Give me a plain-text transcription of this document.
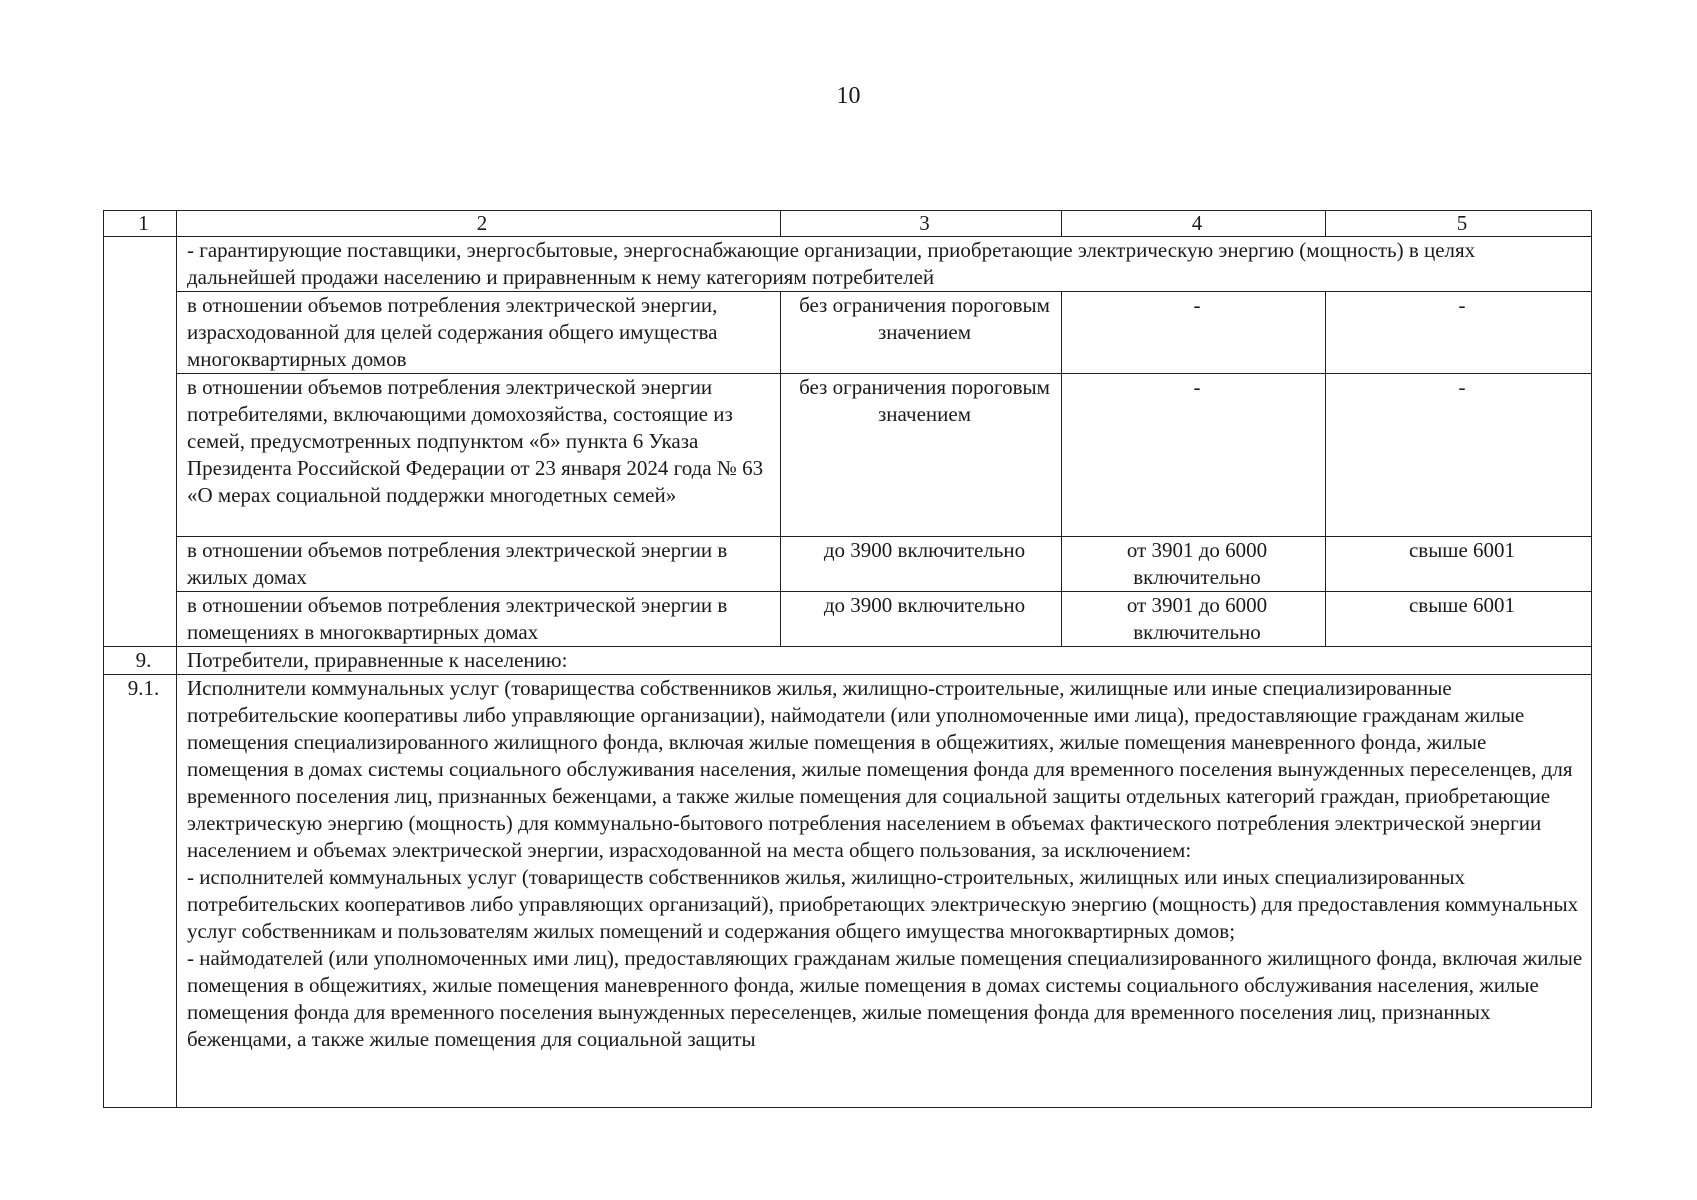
10
1	2	3	4	5
	- гарантирующие поставщики, энергосбытовые, энергоснабжающие организации, приобретающие электрическую энергию (мощность) в целях дальнейшей продажи населению и приравненным к нему категориям потребителей			
	в отношении объемов потребления электрической энергии, израсходованной для целей содержания общего имущества многоквартирных домов	без ограничения пороговым значением	-	-
	в отношении объемов потребления электрической энергии потребителями, включающими домохозяйства, состоящие из семей, предусмотренных подпунктом «б» пункта 6 Указа Президента Российской Федерации от 23 января 2024 года № 63 «О мерах социальной поддержки многодетных семей»	без ограничения пороговым значением	-	-
	в отношении объемов потребления электрической энергии в жилых домах	до 3900 включительно	от 3901 до 6000 включительно	свыше 6001
	в отношении объемов потребления электрической энергии в помещениях в многоквартирных домах	до 3900 включительно	от 3901 до 6000 включительно	свыше 6001
9.	Потребители, приравненные к населению:			
9.1.	Исполнители коммунальных услуг (товарищества собственников жилья, жилищно-строительные, жилищные или иные специализированные потребительские кооперативы либо управляющие организации), наймодатели (или уполномоченные ими лица), предоставляющие гражданам жилые помещения специализированного жилищного фонда, включая жилые помещения в общежитиях, жилые помещения маневренного фонда, жилые помещения в домах системы социального обслуживания населения, жилые помещения фонда для временного поселения вынужденных переселенцев, для временного поселения лиц, признанных беженцами, а также жилые помещения для социальной защиты отдельных категорий граждан, приобретающие электрическую энергию (мощность) для коммунально-бытового потребления населением в объемах фактического потребления электрической энергии населением и объемах электрической энергии, израсходованной на места общего пользования, за исключением:
- исполнителей коммунальных услуг (товариществ собственников жилья, жилищно-строительных, жилищных или иных специализированных потребительских кооперативов либо управляющих организаций), приобретающих электрическую энергию (мощность) для предоставления коммунальных услуг собственникам и пользователям жилых помещений и содержания общего имущества многоквартирных домов;
- наймодателей (или уполномоченных ими лиц), предоставляющих гражданам жилые помещения специализированного жилищного фонда, включая жилые помещения в общежитиях, жилые помещения маневренного фонда, жилые помещения в домах системы социального обслуживания населения, жилые помещения фонда для временного поселения вынужденных переселенцев, жилые помещения фонда для временного поселения лиц, признанных беженцами, а также жилые помещения для социальной защиты			
